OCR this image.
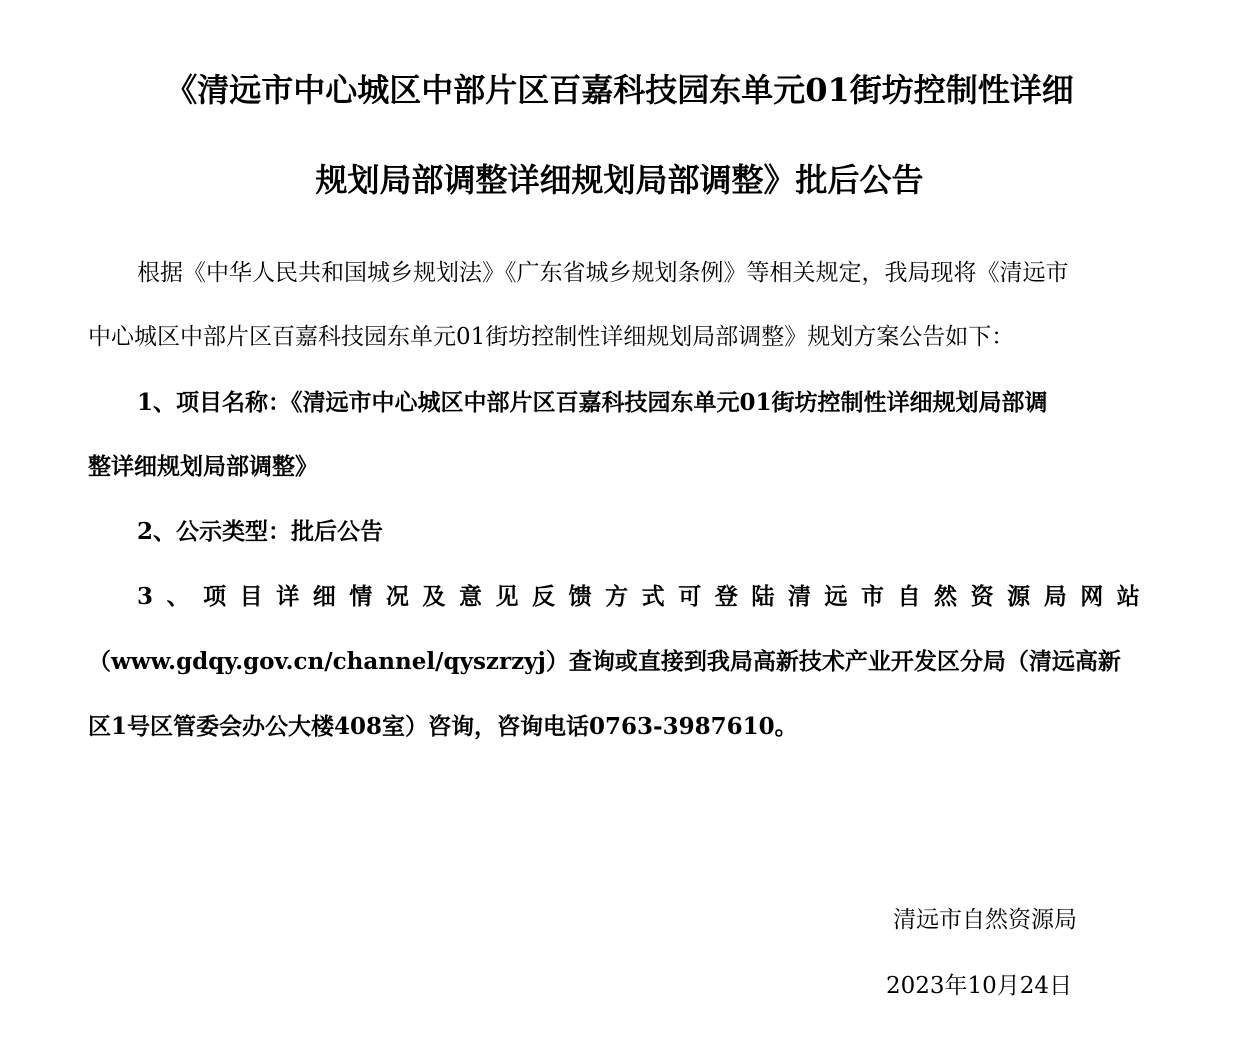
《清远市中心城区中部片区百嘉科技园东单元01街坊控制性详细
规划局部调整详细规划局部调整》批后公告
根据《中华人民共和国城乡规划法》《广东省城乡规划条例》等相关规定，我局现将《清远市
中心城区中部片区百嘉科技园东单元01街坊控制性详细规划局部调整》规划方案公告如下：
1、项目名称：《清远市中心城区中部片区百嘉科技园东单元01街坊控制性详细规划局部调
整详细规划局部调整》
2、公示类型：批后公告
3 、 项 目 详 细 情 况 及 意 见 反 馈 方 式 可 登 陆 清 远 市 自 然 资 源 局 网 站
（www.gdqy.gov.cn/channel/qyszrzyj）查询或直接到我局高新技术产业开发区分局（清远高新
区1号区管委会办公大楼408室）咨询，咨询电话0763-3987610。
清远市自然资源局
2023年10月24日
